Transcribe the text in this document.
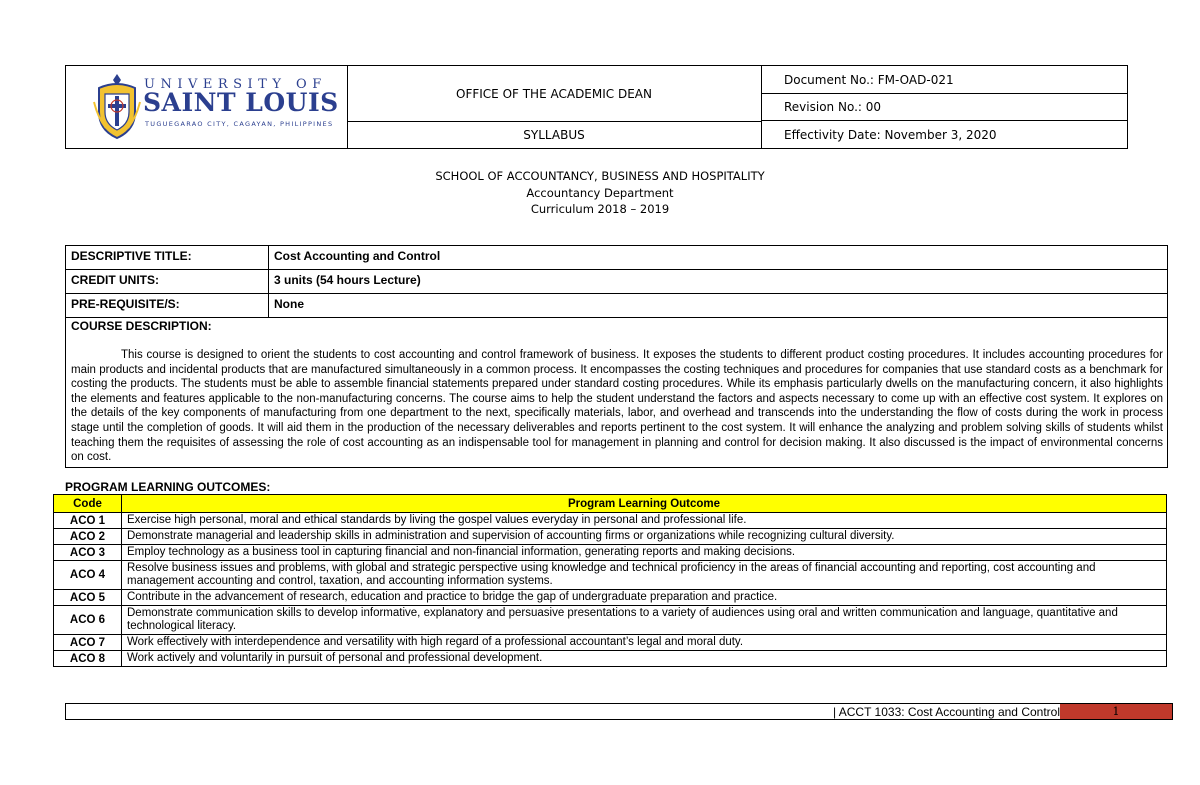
UNIVERSITY OF
SAINT LOUIS
TUGUEGARAO CITY, CAGAYAN, PHILIPPINES
OFFICE OF THE ACADEMIC DEAN
SYLLABUS
Document No.: FM-OAD-021
Revision No.: 00
Effectivity Date: November 3, 2020
SCHOOL OF ACCOUNTANCY, BUSINESS AND HOSPITALITY
Accountancy Department
Curriculum 2018 – 2019
DESCRIPTIVE TITLE:	Cost Accounting and Control
CREDIT UNITS:	3 units (54 hours Lecture)
PRE-REQUISITE/S:	None
COURSE DESCRIPTION:

This course is designed to orient the students to cost accounting and control framework of business. It exposes the students to different product costing procedures. It includes accounting procedures for main products and incidental products that are manufactured simultaneously in a common process. It encompasses the costing techniques and procedures for companies that use standard costs as a benchmark for costing the products. The students must be able to assemble financial statements prepared under standard costing procedures. While its emphasis particularly dwells on the manufacturing concern, it also highlights the elements and features applicable to the non-manufacturing concerns. The course aims to help the student understand the factors and aspects necessary to come up with an effective cost system. It explores on the details of the key components of manufacturing from one department to the next, specifically materials, labor, and overhead and transcends into the understanding the flow of costs during the work in process stage until the completion of goods. It will aid them in the production of the necessary deliverables and reports pertinent to the cost system. It will enhance the analyzing and problem solving skills of students whilst teaching them the requisites of assessing the role of cost accounting as an indispensable tool for management in planning and control for decision making. It also discussed is the impact of environmental concerns on cost.

PROGRAM LEARNING OUTCOMES:
Code	Program Learning Outcome
ACO 1	Exercise high personal, moral and ethical standards by living the gospel values everyday in personal and professional life.
ACO 2	Demonstrate managerial and leadership skills in administration and supervision of accounting firms or organizations while recognizing cultural diversity.
ACO 3	Employ technology as a business tool in capturing financial and non-financial information, generating reports and making decisions.
ACO 4	Resolve business issues and problems, with global and strategic perspective using knowledge and technical proficiency in the areas of financial accounting and reporting, cost accounting and management accounting and control, taxation, and accounting information systems.
ACO 5	Contribute in the advancement of research, education and practice to bridge the gap of undergraduate preparation and practice.
ACO 6	Demonstrate communication skills to develop informative, explanatory and persuasive presentations to a variety of audiences using oral and written communication and language, quantitative and technological literacy.
ACO 7	Work effectively with interdependence and versatility with high regard of a professional accountant’s legal and moral duty.
ACO 8	Work actively and voluntarily in pursuit of personal and professional development.
| ACCT 1033: Cost Accounting and Control	1
